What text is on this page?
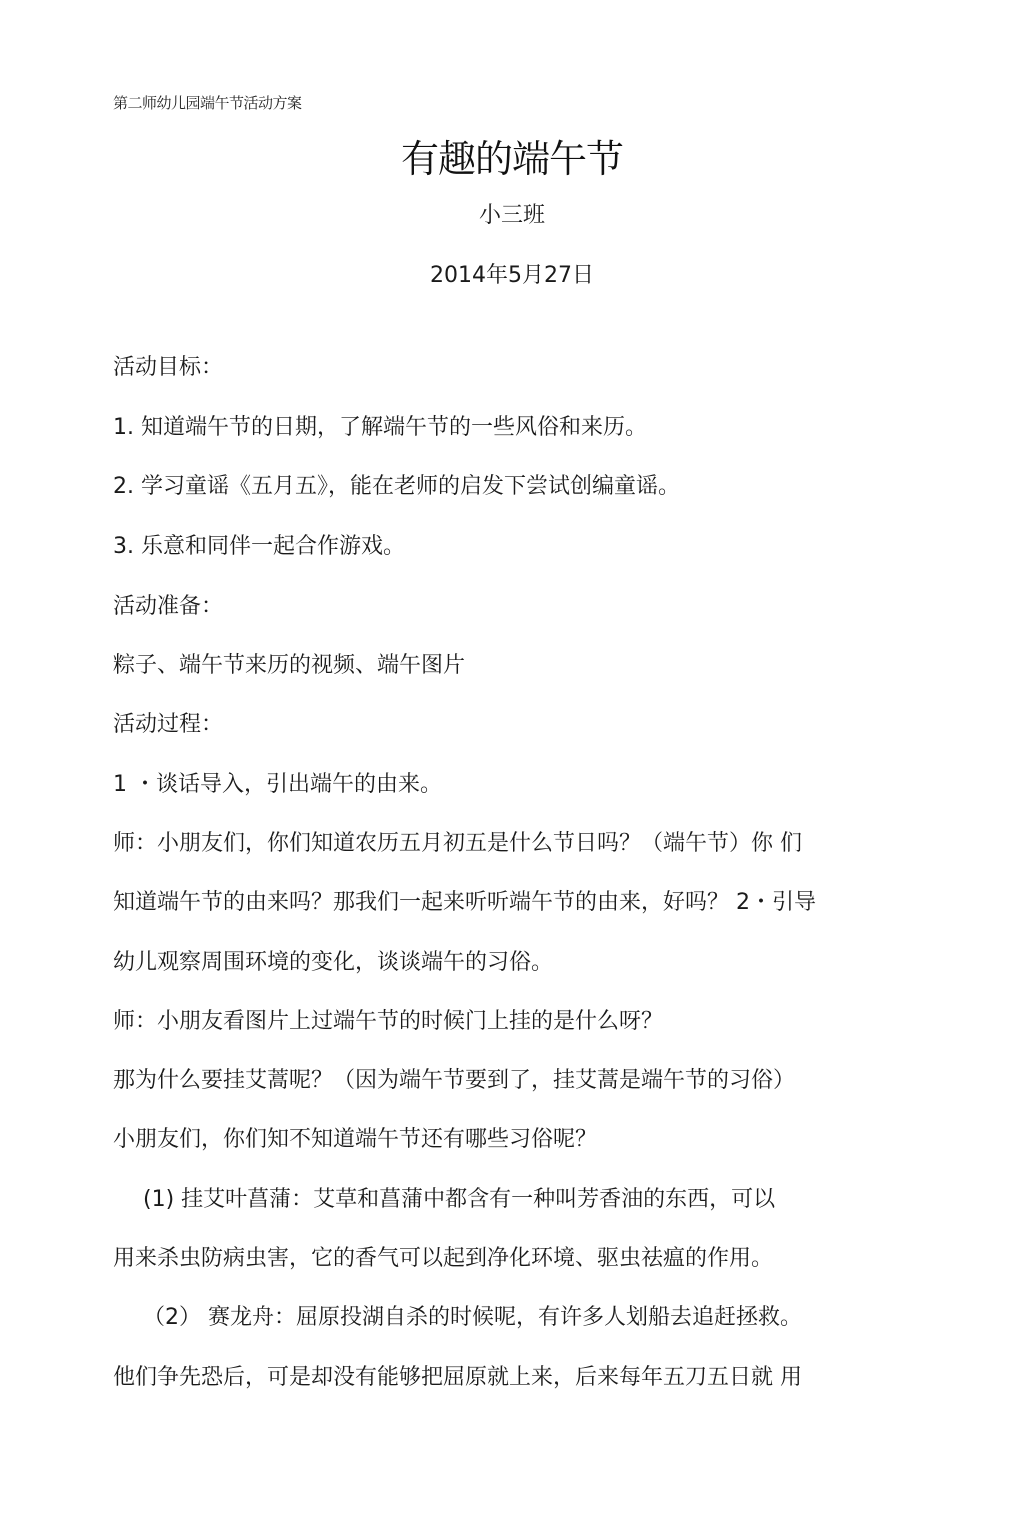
第二师幼儿园端午节活动方案
有趣的端午节
小三班
2014年5月27日
活动目标：
1. 知道端午节的日期，了解端午节的一些风俗和来历。
2. 学习童谣《五月五》，能在老师的启发下尝试创编童谣。
3. 乐意和同伴一起合作游戏。
活动准备：
粽子、端午节来历的视频、端午图片
活动过程：
1 ・谈话导入，引出端午的由来。
师：小朋友们，你们知道农历五月初五是什么节日吗？（端午节）你 们
知道端午节的由来吗？那我们一起来听听端午节的由来，好吗？ 2・引导
幼儿观察周围环境的变化，谈谈端午的习俗。
师：小朋友看图片上过端午节的时候门上挂的是什么呀？
那为什么要挂艾蒿呢？（因为端午节要到了，挂艾蒿是端午节的习俗）
小朋友们，你们知不知道端午节还有哪些习俗呢？
(1) 挂艾叶菖蒲：艾草和菖蒲中都含有一种叫芳香油的东西，可以
用来杀虫防病虫害，它的香气可以起到净化环境、驱虫祛瘟的作用。
（2） 赛龙舟：屈原投湖自杀的时候呢，有许多人划船去追赶拯救。
他们争先恐后，可是却没有能够把屈原就上来，后来每年五刀五日就 用
